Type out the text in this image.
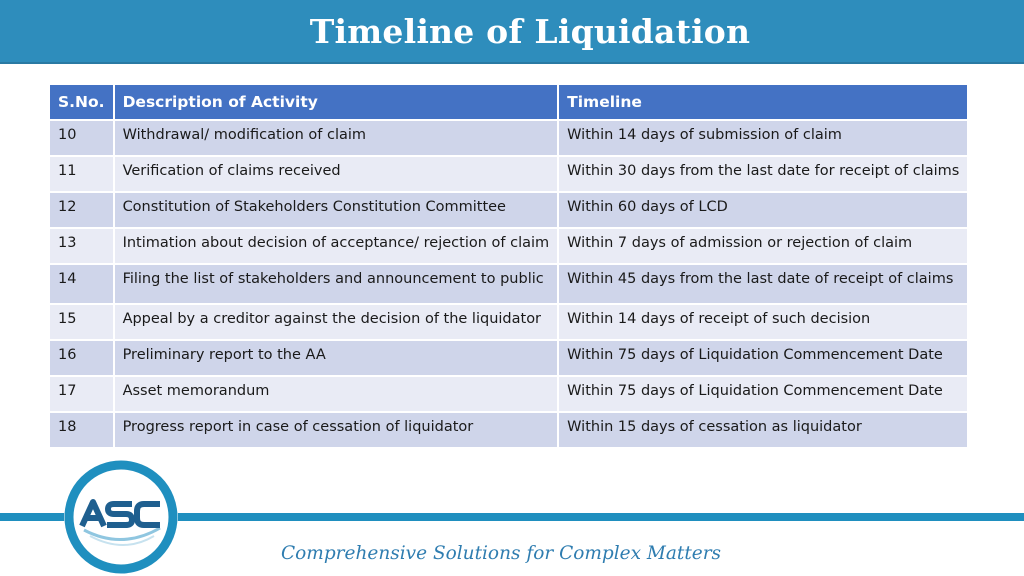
Timeline of Liquidation
S.No.	Description of Activity	Timeline
10	Withdrawal/ modification of claim	Within 14 days of submission of claim
11	Verification of claims received	Within 30 days from the last date for receipt of claims
12	Constitution of Stakeholders Constitution Committee	Within 60 days of LCD
13	Intimation about decision of acceptance/ rejection of claim	Within 7 days of admission or rejection of claim
14	Filing the list of stakeholders and announcement to public	Within 45 days from the last date of receipt of claims
15	Appeal by a creditor against the decision of the liquidator	Within 14 days of receipt of such decision
16	Preliminary report to the AA	Within 75 days of Liquidation Commencement Date
17	Asset memorandum	Within 75 days of Liquidation Commencement Date
18	Progress report in case of cessation of liquidator	Within 15 days of cessation as liquidator
Comprehensive Solutions for Complex Matters
